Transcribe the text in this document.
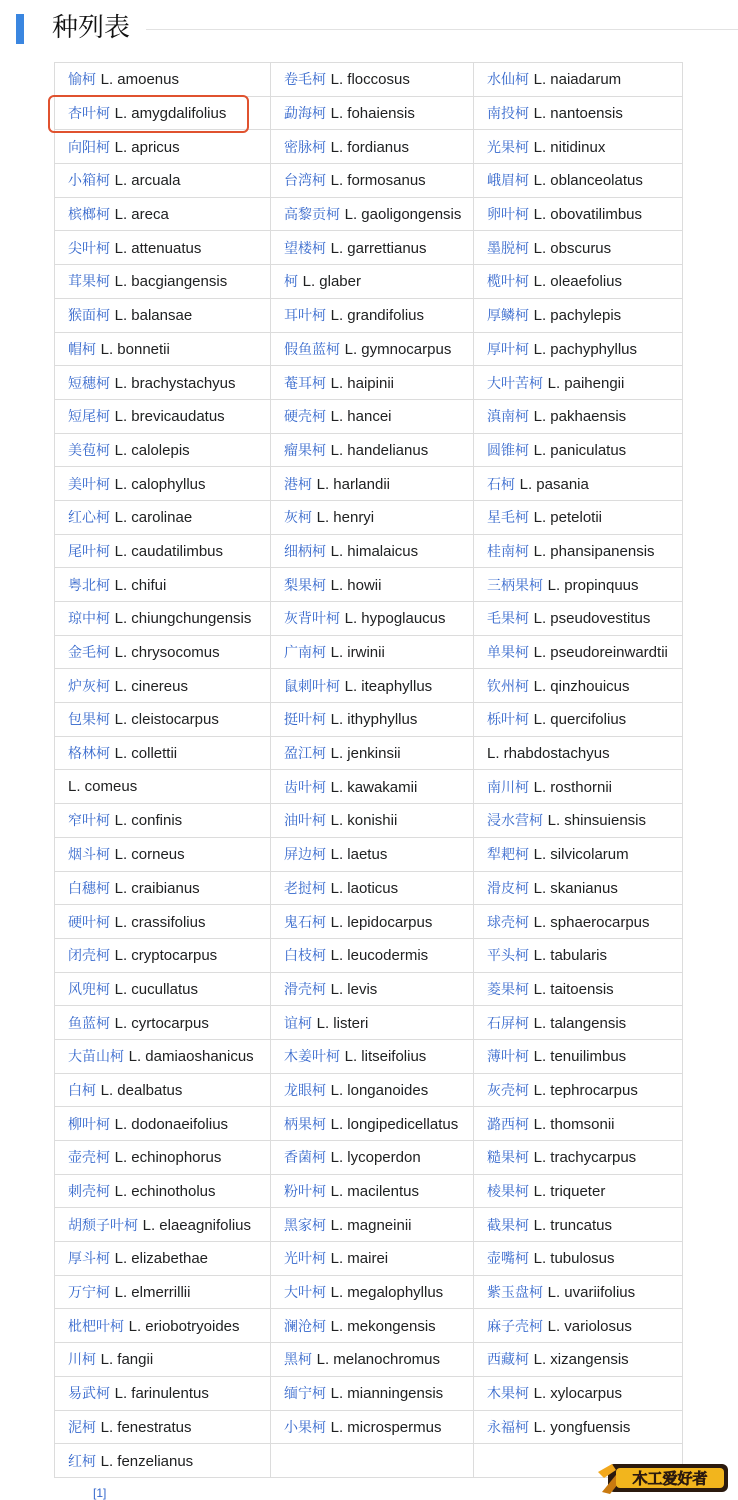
种列表
愉柯 L. amoenus	卷毛柯 L. floccosus	水仙柯 L. naiadarum
杏叶柯 L. amygdalifolius	勐海柯 L. fohaiensis	南投柯 L. nantoensis
向阳柯 L. apricus	密脉柯 L. fordianus	光果柯 L. nitidinux
小箱柯 L. arcuala	台湾柯 L. formosanus	峨眉柯 L. oblanceolatus
槟榔柯 L. areca	高黎贡柯 L. gaoligongensis	卵叶柯 L. obovatilimbus
尖叶柯 L. attenuatus	望楼柯 L. garrettianus	墨脱柯 L. obscurus
茸果柯 L. bacgiangensis	柯 L. glaber	榄叶柯 L. oleaefolius
猴面柯 L. balansae	耳叶柯 L. grandifolius	厚鳞柯 L. pachylepis
帽柯 L. bonnetii	假鱼蓝柯 L. gymnocarpus	厚叶柯 L. pachyphyllus
短穗柯 L. brachystachyus	菴耳柯 L. haipinii	大叶苦柯 L. paihengii
短尾柯 L. brevicaudatus	硬壳柯 L. hancei	滇南柯 L. pakhaensis
美苞柯 L. calolepis	瘤果柯 L. handelianus	圆锥柯 L. paniculatus
美叶柯 L. calophyllus	港柯 L. harlandii	石柯 L. pasania
红心柯 L. carolinae	灰柯 L. henryi	星毛柯 L. petelotii
尾叶柯 L. caudatilimbus	细柄柯 L. himalaicus	桂南柯 L. phansipanensis
粤北柯 L. chifui	梨果柯 L. howii	三柄果柯 L. propinquus
琼中柯 L. chiungchungensis	灰背叶柯 L. hypoglaucus	毛果柯 L. pseudovestitus
金毛柯 L. chrysocomus	广南柯 L. irwinii	单果柯 L. pseudoreinwardtii
炉灰柯 L. cinereus	鼠刺叶柯 L. iteaphyllus	钦州柯 L. qinzhouicus
包果柯 L. cleistocarpus	挺叶柯 L. ithyphyllus	栎叶柯 L. quercifolius
格林柯 L. collettii	盈江柯 L. jenkinsii	L. rhabdostachyus
L. comeus	齿叶柯 L. kawakamii	南川柯 L. rosthornii
窄叶柯 L. confinis	油叶柯 L. konishii	浸水营柯 L. shinsuiensis
烟斗柯 L. corneus	屏边柯 L. laetus	犁耙柯 L. silvicolarum
白穗柯 L. craibianus	老挝柯 L. laoticus	滑皮柯 L. skanianus
硬叶柯 L. crassifolius	鬼石柯 L. lepidocarpus	球壳柯 L. sphaerocarpus
闭壳柯 L. cryptocarpus	白枝柯 L. leucodermis	平头柯 L. tabularis
风兜柯 L. cucullatus	滑壳柯 L. levis	菱果柯 L. taitoensis
鱼蓝柯 L. cyrtocarpus	谊柯 L. listeri	石屏柯 L. talangensis
大苗山柯 L. damiaoshanicus	木姜叶柯 L. litseifolius	薄叶柯 L. tenuilimbus
白柯 L. dealbatus	龙眼柯 L. longanoides	灰壳柯 L. tephrocarpus
柳叶柯 L. dodonaeifolius	柄果柯 L. longipedicellatus	潞西柯 L. thomsonii
壶壳柯 L. echinophorus	香菌柯 L. lycoperdon	糙果柯 L. trachycarpus
刺壳柯 L. echinotholus	粉叶柯 L. macilentus	棱果柯 L. triqueter
胡颓子叶柯 L. elaeagnifolius	黑家柯 L. magneinii	截果柯 L. truncatus
厚斗柯 L. elizabethae	光叶柯 L. mairei	壶嘴柯 L. tubulosus
万宁柯 L. elmerrillii	大叶柯 L. megalophyllus	紫玉盘柯 L. uvariifolius
枇杷叶柯 L. eriobotryoides	澜沧柯 L. mekongensis	麻子壳柯 L. variolosus
川柯 L. fangii	黑柯 L. melanochromus	西藏柯 L. xizangensis
易武柯 L. farinulentus	缅宁柯 L. mianningensis	木果柯 L. xylocarpus
泥柯 L. fenestratus	小果柯 L. microspermus	永福柯 L. yongfuensis
红柯 L. fenzelianus		
[1]
木工爱好者
